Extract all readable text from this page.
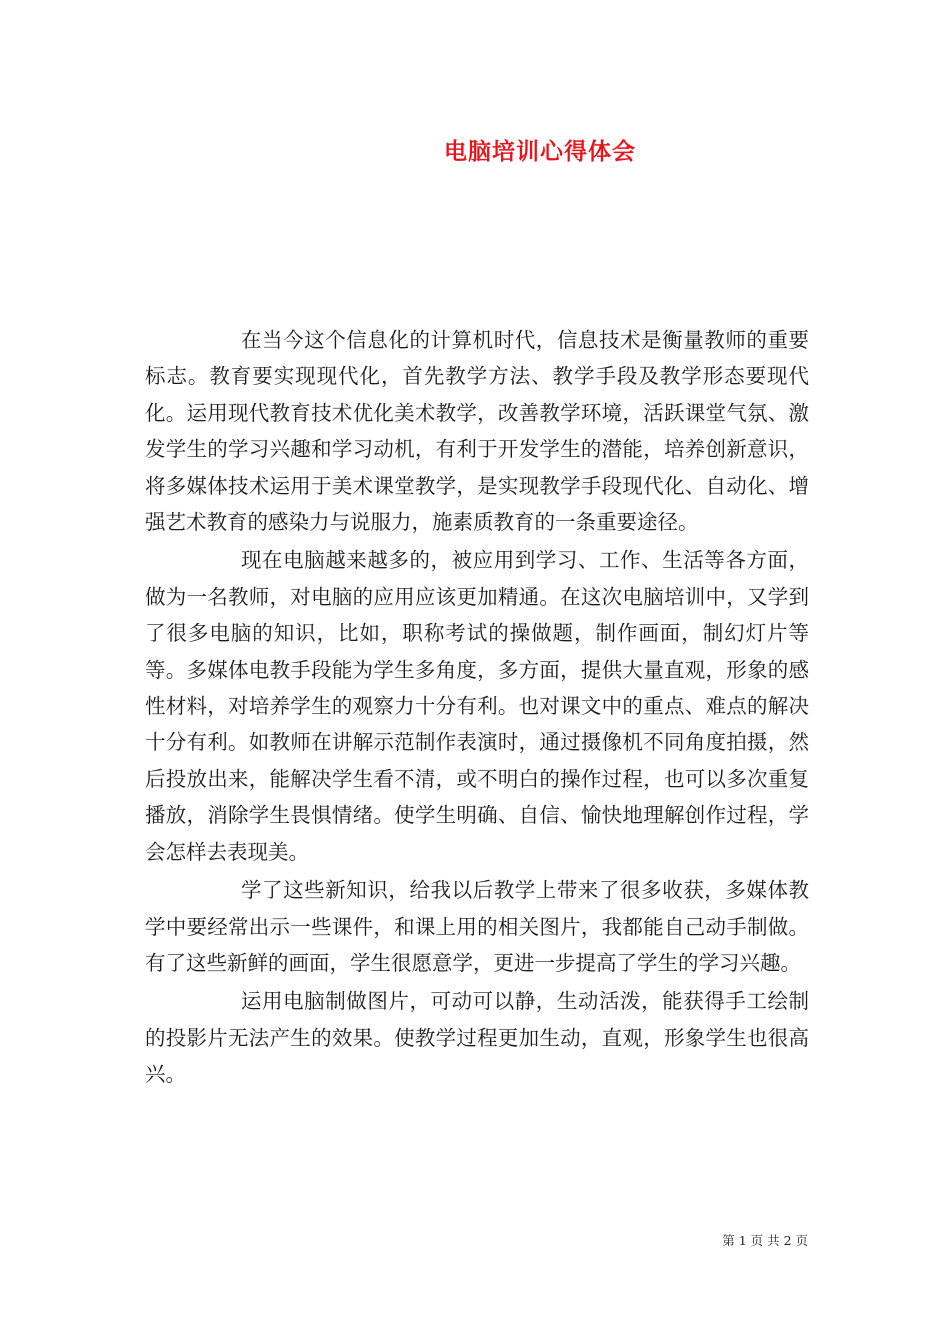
电脑培训心得体会

在当今这个信息化的计算机时代，信息技术是衡量教师的重要标志。教育要实现现代化，首先教学方法、教学手段及教学形态要现代化。运用现代教育技术优化美术教学，改善教学环境，活跃课堂气氛、激发学生的学习兴趣和学习动机，有利于开发学生的潜能，培养创新意识，将多媒体技术运用于美术课堂教学，是实现教学手段现代化、自动化、增强艺术教育的感染力与说服力，施素质教育的一条重要途径。

现在电脑越来越多的，被应用到学习、工作、生活等各方面，做为一名教师，对电脑的应用应该更加精通。在这次电脑培训中，又学到了很多电脑的知识，比如，职称考试的操做题，制作画面，制幻灯片等等。多媒体电教手段能为学生多角度，多方面，提供大量直观，形象的感性材料，对培养学生的观察力十分有利。也对课文中的重点、难点的解决十分有利。如教师在讲解示范制作表演时，通过摄像机不同角度拍摄，然后投放出来，能解决学生看不清，或不明白的操作过程，也可以多次重复播放，消除学生畏惧情绪。使学生明确、自信、愉快地理解创作过程，学会怎样去表现美。

学了这些新知识，给我以后教学上带来了很多收获，多媒体教学中要经常出示一些课件，和课上用的相关图片，我都能自己动手制做。有了这些新鲜的画面，学生很愿意学，更进一步提高了学生的学习兴趣。

运用电脑制做图片，可动可以静，生动活泼，能获得手工绘制的投影片无法产生的效果。使教学过程更加生动，直观，形象学生也很高兴。

第 1 页 共 2 页
